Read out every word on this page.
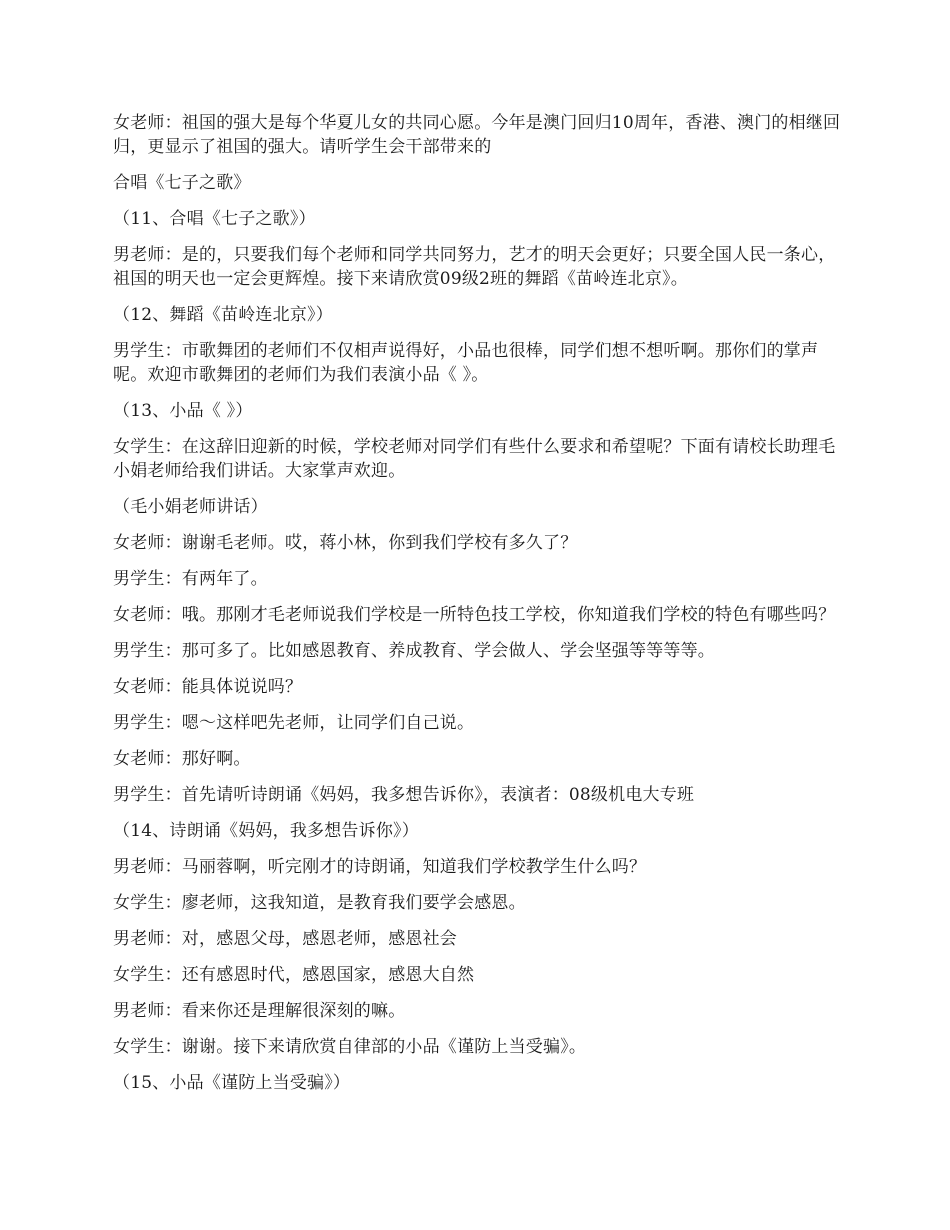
女老师：祖国的强大是每个华夏儿女的共同心愿。今年是澳门回归10周年，香港、澳门的相继回归，更显示了祖国的强大。请听学生会干部带来的

合唱《七子之歌》

（11、合唱《七子之歌》）

男老师：是的，只要我们每个老师和同学共同努力，艺才的明天会更好；只要全国人民一条心，祖国的明天也一定会更辉煌。接下来请欣赏09级2班的舞蹈《苗岭连北京》。

（12、舞蹈《苗岭连北京》）

男学生：市歌舞团的老师们不仅相声说得好，小品也很棒，同学们想不想听啊。那你们的掌声呢。欢迎市歌舞团的老师们为我们表演小品《 》。

（13、小品《 》）

女学生：在这辞旧迎新的时候，学校老师对同学们有些什么要求和希望呢？下面有请校长助理毛小娟老师给我们讲话。大家掌声欢迎。

（毛小娟老师讲话）

女老师：谢谢毛老师。哎，蒋小林，你到我们学校有多久了？

男学生：有两年了。

女老师：哦。那刚才毛老师说我们学校是一所特色技工学校，你知道我们学校的特色有哪些吗？

男学生：那可多了。比如感恩教育、养成教育、学会做人、学会坚强等等等等。

女老师：能具体说说吗？

男学生：嗯～这样吧先老师，让同学们自己说。

女老师：那好啊。

男学生：首先请听诗朗诵《妈妈，我多想告诉你》，表演者：08级机电大专班

（14、诗朗诵《妈妈，我多想告诉你》）

男老师：马丽蓉啊，听完刚才的诗朗诵，知道我们学校教学生什么吗？

女学生：廖老师，这我知道，是教育我们要学会感恩。

男老师：对，感恩父母，感恩老师，感恩社会

女学生：还有感恩时代，感恩国家，感恩大自然

男老师：看来你还是理解很深刻的嘛。

女学生：谢谢。接下来请欣赏自律部的小品《谨防上当受骗》。

（15、小品《谨防上当受骗》）
